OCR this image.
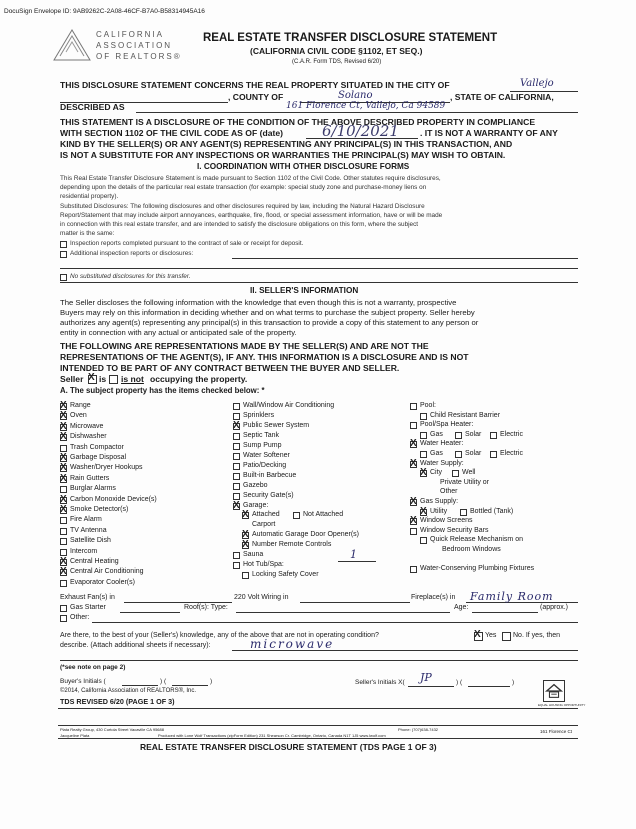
DocuSign Envelope ID: 9AB9262C-2A08-46CF-B7A0-B58314945A16
CALIFORNIA
ASSOCIATION
OF REALTORS®
REAL ESTATE TRANSFER DISCLOSURE STATEMENT
(CALIFORNIA CIVIL CODE §1102, ET SEQ.)
(C.A.R. Form TDS, Revised 6/20)
THIS DISCLOSURE STATEMENT CONCERNS THE REAL PROPERTY SITUATED IN THE CITY OF	Vallejo
, COUNTY OF	Solano	, STATE OF CALIFORNIA,
DESCRIBED AS	161 Florence Ct, Vallejo, Ca 94589
THIS STATEMENT IS A DISCLOSURE OF THE CONDITION OF THE ABOVE DESCRIBED PROPERTY IN COMPLIANCE
WITH SECTION 1102 OF THE CIVIL CODE AS OF (date)	6/10/2021 . IT IS NOT A WARRANTY OF ANY
KIND BY THE SELLER(S) OR ANY AGENT(S) REPRESENTING ANY PRINCIPAL(S) IN THIS TRANSACTION, AND
IS NOT A SUBSTITUTE FOR ANY INSPECTIONS OR WARRANTIES THE PRINCIPAL(S) MAY WISH TO OBTAIN.
I. COORDINATION WITH OTHER DISCLOSURE FORMS
This Real Estate Transfer Disclosure Statement is made pursuant to Section 1102 of the Civil Code. Other statutes require disclosures,
depending upon the details of the particular real estate transaction (for example: special study zone and purchase-money liens on
residential property).
Substituted Disclosures: The following disclosures and other disclosures required by law, including the Natural Hazard Disclosure
Report/Statement that may include airport annoyances, earthquake, fire, flood, or special assessment information, have or will be made
in connection with this real estate transfer, and are intended to satisfy the disclosure obligations on this form, where the subject
matter is the same:
Inspection reports completed pursuant to the contract of sale or receipt for deposit.
Additional inspection reports or disclosures:
No substituted disclosures for this transfer.
II. SELLER'S INFORMATION
The Seller discloses the following information with the knowledge that even though this is not a warranty, prospective
Buyers may rely on this information in deciding whether and on what terms to purchase the subject property. Seller hereby
authorizes any agent(s) representing any principal(s) in this transaction to provide a copy of this statement to any person or
entity in connection with any actual or anticipated sale of the property.
THE FOLLOWING ARE REPRESENTATIONS MADE BY THE SELLER(S) AND ARE NOT THE
REPRESENTATIONS OF THE AGENT(S), IF ANY. THIS INFORMATION IS A DISCLOSURE AND IS NOT
INTENDED TO BE PART OF ANY CONTRACT BETWEEN THE BUYER AND SELLER.
Seller X is is not occupying the property.
A. The subject property has the items checked below: *
1
Exhaust Fan(s) in	220 Volt Wiring in	Fireplace(s) in Family Room
Gas Starter	Roof(s): Type:	Age:	(approx.)
Other:
Are there, to the best of your (Seller's) knowledge, any of the above that are not in operating condition? X	Yes No. If yes, then
describe. (Attach additional sheets if necessary):	microwave
(*see note on page 2)
Buyer's Initials (	) (	)	Seller's Initials X( JP	) (	)
©2014, California Association of REALTORS®, Inc.
TDS REVISED 6/20 (PAGE 1 OF 3)	EQUAL HOUSING OPPORTUNITY
Plata Realty Group, 430 Curtola Street Vacaville CA 95688
Jacqueline Plata
Phone: (707)638-7432
Produced with Lone Wolf Transactions (zipForm Edition) 231 Shearson Cr. Cambridge, Ontario, Canada N1T 1J5 www.lwolf.com
161 Florence Ct
REAL ESTATE TRANSFER DISCLOSURE STATEMENT (TDS PAGE 1 OF 3)
X
Range
X
Oven
X
Microwave
X
Dishwasher
Trash Compactor
X
Garbage Disposal
X
Washer/Dryer Hookups
X
Rain Gutters
Burglar Alarms
X
Carbon Monoxide Device(s)
X
Smoke Detector(s)
Fire Alarm
TV Antenna
Satellite Dish
Intercom
X
Central Heating
X
Central Air Conditioning
Evaporator Cooler(s)
Wall/Window Air Conditioning
Sprinklers
X
Public Sewer System
Septic Tank
Sump Pump
Water Softener
Patio/Decking
Built-in Barbecue
Gazebo
Security Gate(s)
X
Garage:
X
Attached	Not Attached
Carport
X
Automatic Garage Door Opener(s)
X
Number Remote Controls
Sauna
Hot Tub/Spa:
Locking Safety Cover
Pool:
Child Resistant Barrier
Pool/Spa Heater:
Gas	Solar	Electric
X
Water Heater:
Gas	Solar	Electric
X
Water Supply:
X
City	Well
Private Utility or
Other
X
Gas Supply:
X
Utility	Bottled (Tank)
X
Window Screens
Window Security Bars
Quick Release Mechanism on
Bedroom Windows
Water-Conserving Plumbing Fixtures
